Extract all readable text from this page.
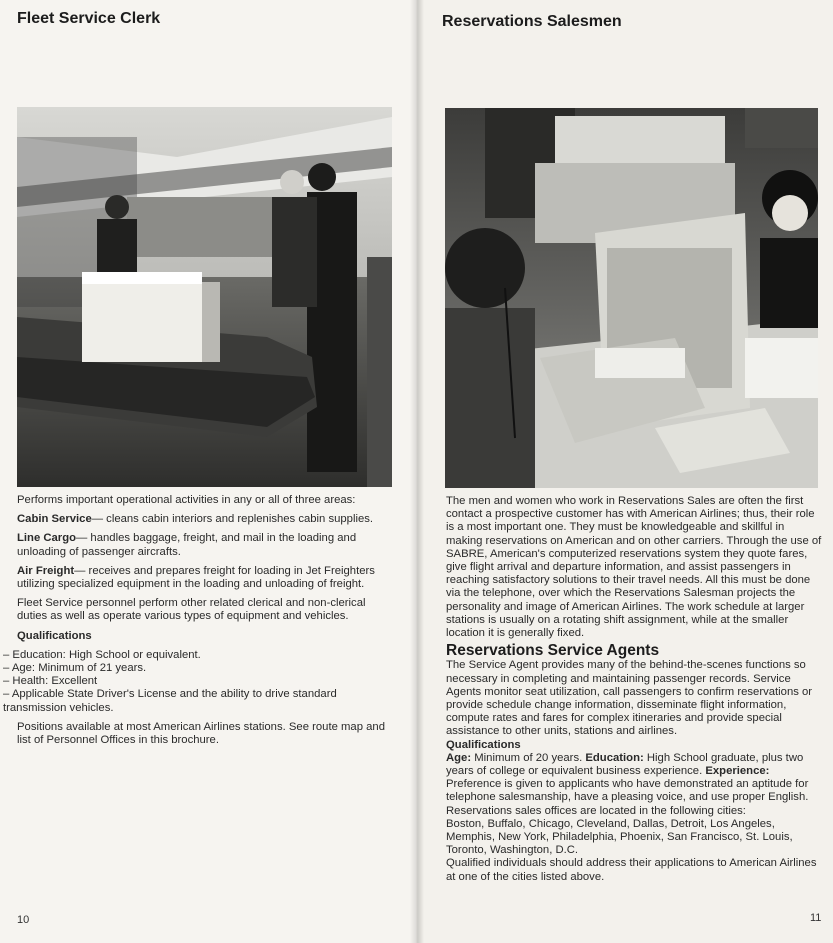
Fleet Service Clerk

Performs important operational activities in any or all of three areas:

Cabin Service— cleans cabin interiors and replenishes cabin supplies.

Line Cargo— handles baggage, freight, and mail in the loading and unloading of passenger aircrafts.

Air Freight— receives and prepares freight for loading in Jet Freighters utilizing specialized equipment in the loading and unloading of freight.

Fleet Service personnel perform other related clerical and non-clerical duties as well as operate various types of equipment and vehicles.

Qualifications

– Education: High School or equivalent.
– Age: Minimum of 21 years.
– Health: Excellent
– Applicable State Driver's License and the ability to drive standard transmission vehicles.

Positions available at most American Airlines stations. See route map and list of Personnel Offices in this brochure.

10
Reservations Salesmen

The men and women who work in Reservations Sales are often the first contact a prospective customer has with American Airlines; thus, their role is a most important one. They must be knowledgeable and skillful in making reservations on American and on other carriers. Through the use of SABRE, American's computerized reservations system they quote fares, give flight arrival and departure information, and assist passengers in reaching satisfactory solutions to their travel needs. All this must be done via the telephone, over which the Reservations Salesman projects the personality and image of American Airlines. The work schedule at larger stations is usually on a rotating shift assignment, while at the smaller location it is generally fixed.

Reservations Service Agents

The Service Agent provides many of the behind-the-scenes functions so necessary in completing and maintaining passenger records. Service Agents monitor seat utilization, call passengers to confirm reservations or provide schedule change information, disseminate flight information, compute rates and fares for complex itineraries and provide special assistance to other units, stations and airlines.

Qualifications

Age: Minimum of 20 years. Education: High School graduate, plus two years of college or equivalent business experience. Experience: Preference is given to applicants who have demonstrated an aptitude for telephone salesmanship, have a pleasing voice, and use proper English.

Reservations sales offices are located in the following cities:

Boston, Buffalo, Chicago, Cleveland, Dallas, Detroit, Los Angeles, Memphis, New York, Philadelphia, Phoenix, San Francisco, St. Louis, Toronto, Washington, D.C.

Qualified individuals should address their applications to American Airlines at one of the cities listed above.

11
